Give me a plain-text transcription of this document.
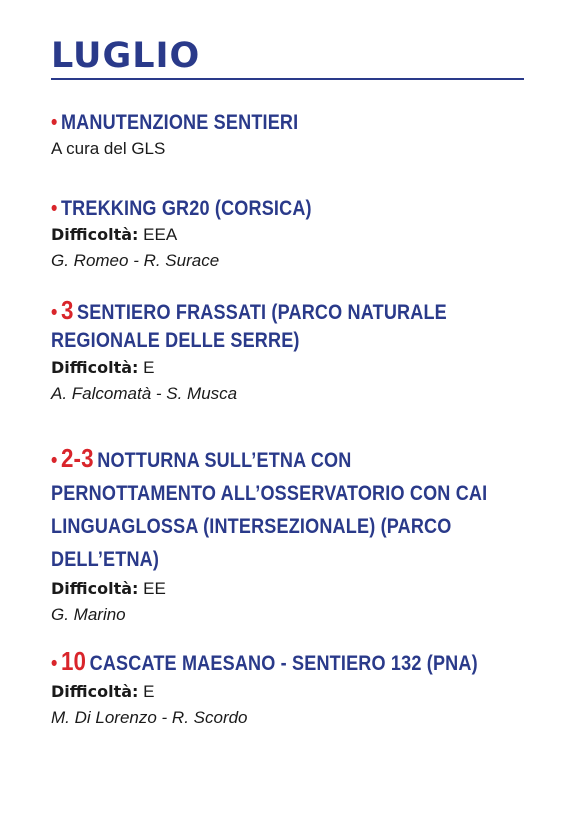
LUGLIO
• MANUTENZIONE SENTIERI
A cura del GLS
• TREKKING GR20 (CORSICA)
Difficoltà: EEA
G. Romeo - R. Surace
• 3 SENTIERO FRASSATI (PARCO NATURALE
REGIONALE DELLE SERRE)
Difficoltà: E
A. Falcomatà - S. Musca
• 2-3 NOTTURNA SULL’ETNA CON
PERNOTTAMENTO ALL’OSSERVATORIO CON CAI
LINGUAGLOSSA (INTERSEZIONALE) (PARCO
DELL’ETNA)
Difficoltà: EE
G. Marino
• 10 CASCATE MAESANO - SENTIERO 132 (PNA)
Difficoltà: E
M. Di Lorenzo - R. Scordo
